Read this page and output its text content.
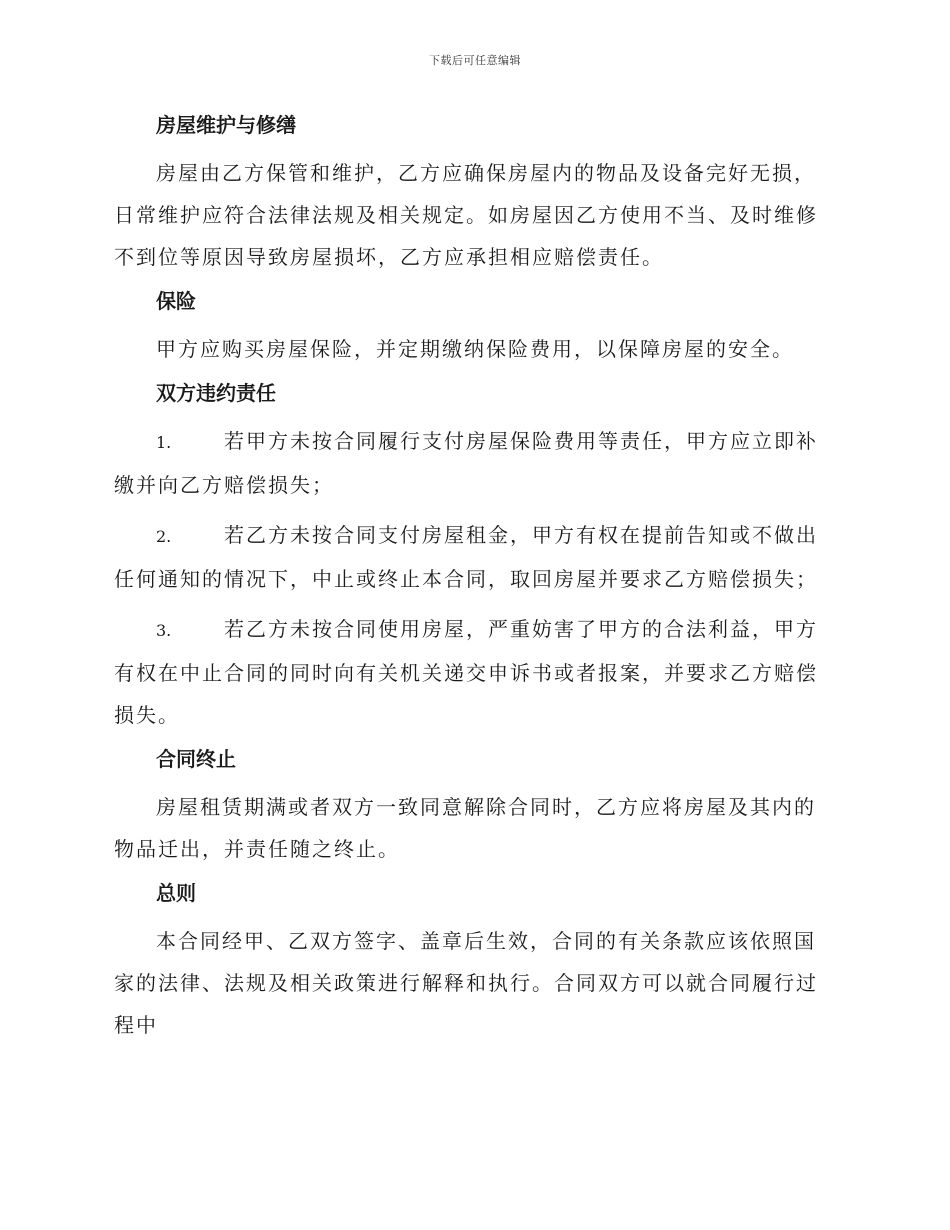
下载后可任意编辑
房屋维护与修缮

房屋由乙方保管和维护，乙方应确保房屋内的物品及设备完好无损，日常维护应符合法律法规及相关规定。如房屋因乙方使用不当、及时维修不到位等原因导致房屋损坏，乙方应承担相应赔偿责任。

保险

甲方应购买房屋保险，并定期缴纳保险费用，以保障房屋的安全。

双方违约责任

1.	若甲方未按合同履行支付房屋保险费用等责任，甲方应立即补缴并向乙方赔偿损失；

2.	若乙方未按合同支付房屋租金，甲方有权在提前告知或不做出任何通知的情况下，中止或终止本合同，取回房屋并要求乙方赔偿损失；

3.	若乙方未按合同使用房屋，严重妨害了甲方的合法利益，甲方有权在中止合同的同时向有关机关递交申诉书或者报案，并要求乙方赔偿损失。

合同终止

房屋租赁期满或者双方一致同意解除合同时，乙方应将房屋及其内的物品迁出，并责任随之终止。

总则

本合同经甲、乙双方签字、盖章后生效，合同的有关条款应该依照国家的法律、法规及相关政策进行解释和执行。合同双方可以就合同履行过程中
